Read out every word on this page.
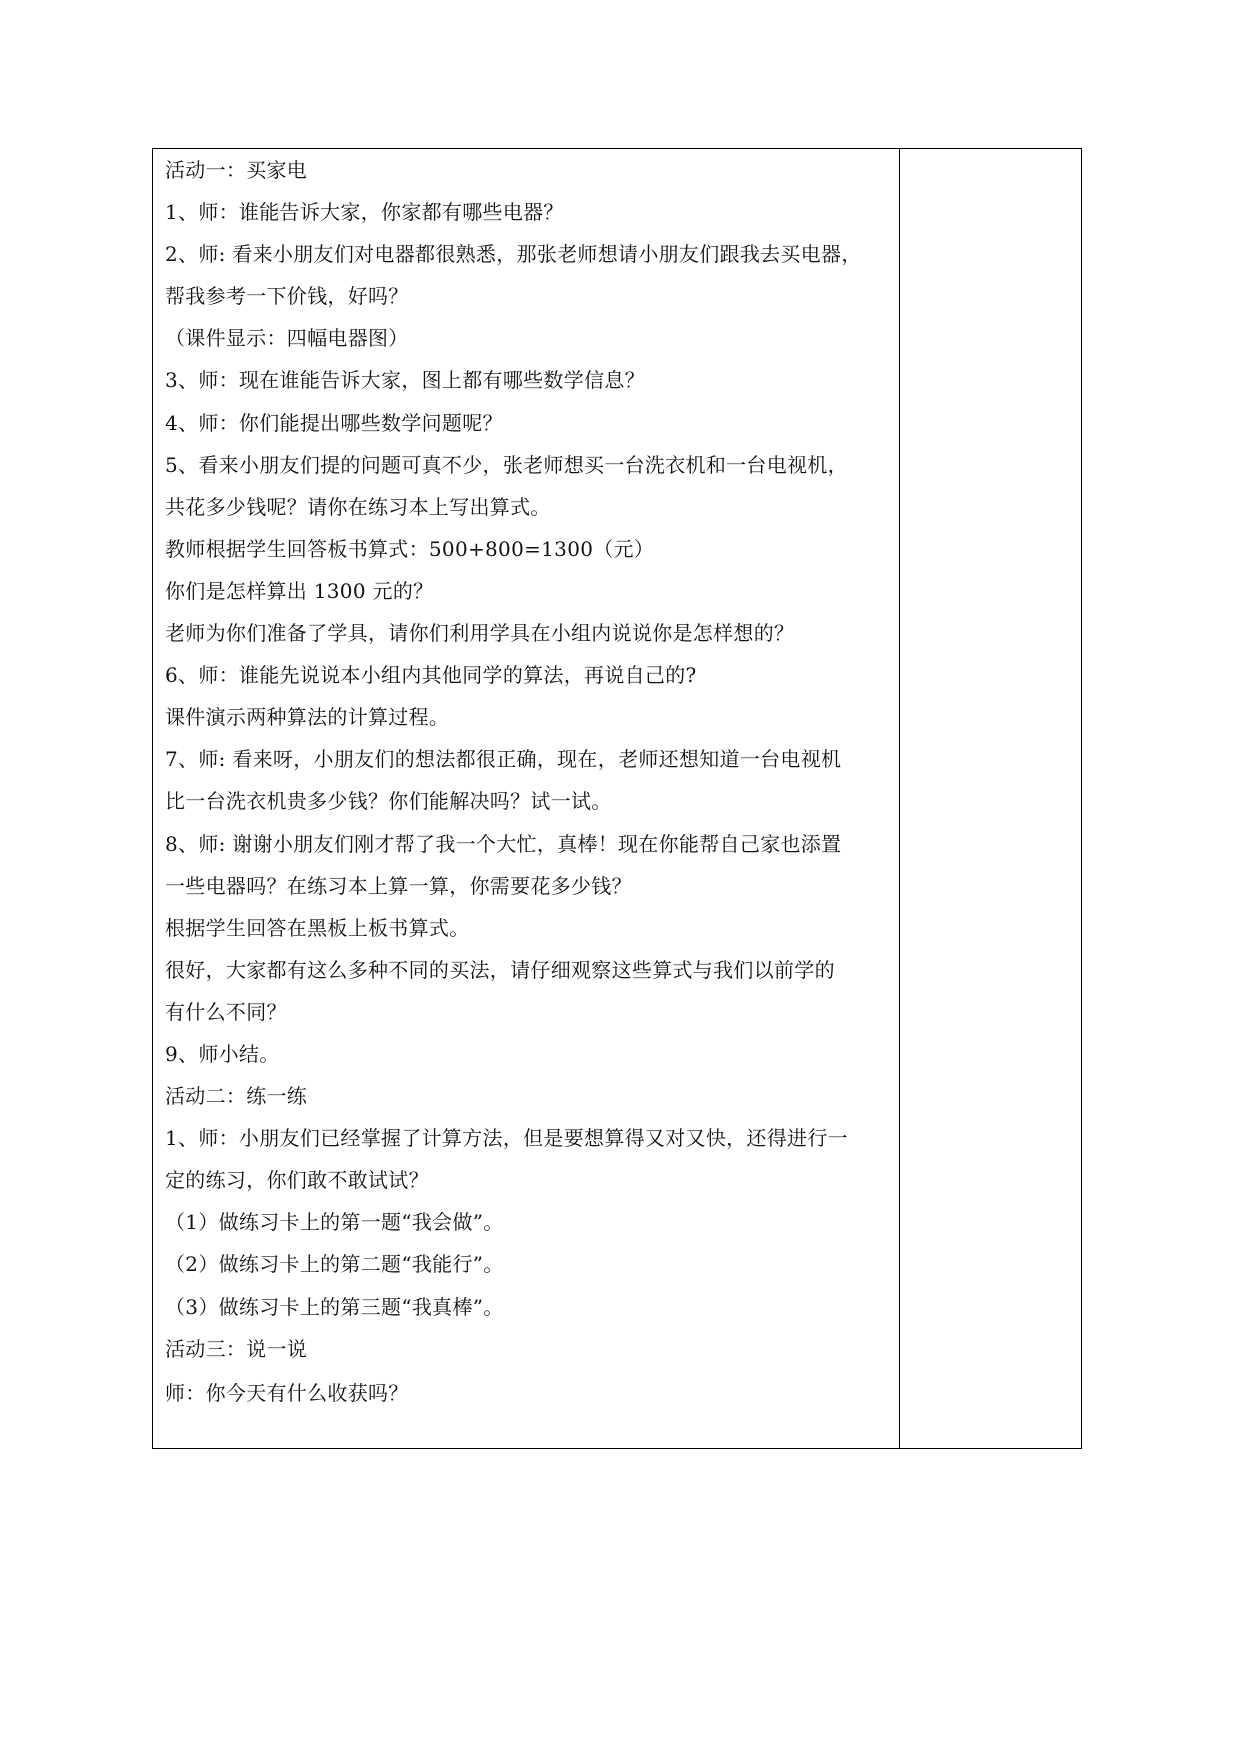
活动一：买家电
1、师：谁能告诉大家，你家都有哪些电器？
2、师: 看来小朋友们对电器都很熟悉，那张老师想请小朋友们跟我去买电器，
帮我参考一下价钱，好吗？
（课件显示：四幅电器图）
3、师：现在谁能告诉大家，图上都有哪些数学信息？
4、师：你们能提出哪些数学问题呢？
5、看来小朋友们提的问题可真不少，张老师想买一台洗衣机和一台电视机，
共花多少钱呢？请你在练习本上写出算式。
教师根据学生回答板书算式：500+800=1300（元）
你们是怎样算出 1300 元的？
老师为你们准备了学具，请你们利用学具在小组内说说你是怎样想的？
6、师：谁能先说说本小组内其他同学的算法，再说自己的?
课件演示两种算法的计算过程。
7、师: 看来呀，小朋友们的想法都很正确，现在，老师还想知道一台电视机
比一台洗衣机贵多少钱？你们能解决吗？试一试。
8、师: 谢谢小朋友们刚才帮了我一个大忙，真棒！现在你能帮自己家也添置
一些电器吗？在练习本上算一算，你需要花多少钱？
根据学生回答在黑板上板书算式。
很好，大家都有这么多种不同的买法，请仔细观察这些算式与我们以前学的
有什么不同？
9、师小结。
活动二：练一练
1、师：小朋友们已经掌握了计算方法，但是要想算得又对又快，还得进行一
定的练习，你们敢不敢试试？
（1）做练习卡上的第一题“我会做”。
（2）做练习卡上的第二题“我能行”。
（3）做练习卡上的第三题“我真棒”。
活动三：说一说
师：你今天有什么收获吗？
